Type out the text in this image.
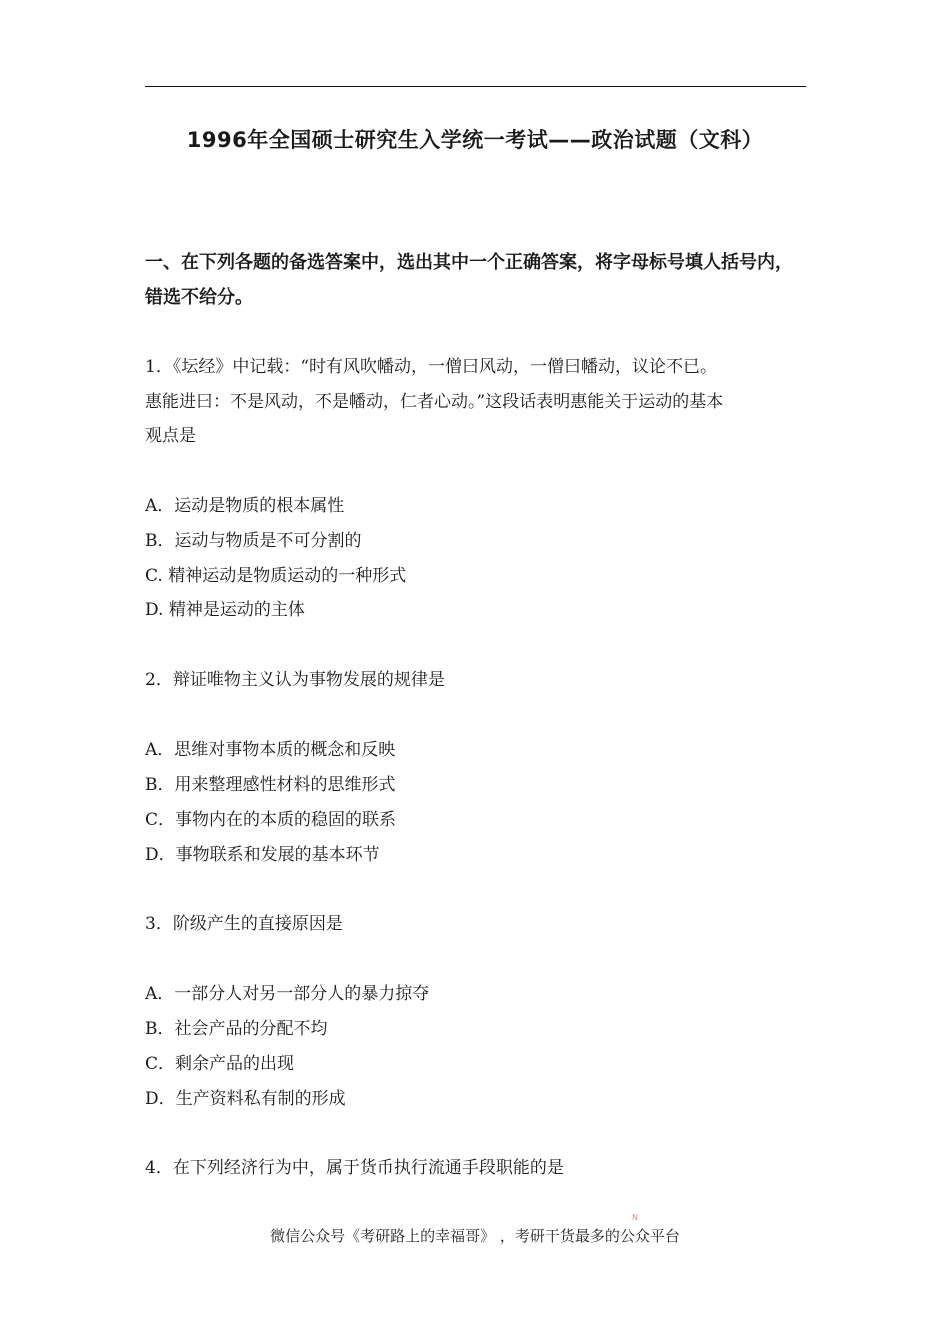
1996年全国硕士研究生入学统一考试——政治试题（文科）
一、在下列各题的备选答案中，选出其中一个正确答案，将字母标号填人括号内，错选不给分。
1．《坛经》中记载：“时有风吹幡动，一僧曰风动，一僧曰幡动，议论不已。
惠能进曰：不是风动，不是幡动，仁者心动。”这段话表明惠能关于运动的基本
观点是
A．运动是物质的根本属性
B．运动与物质是不可分割的
C. 精神运动是物质运动的一种形式
D. 精神是运动的主体
2．辩证唯物主义认为事物发展的规律是
A．思维对事物本质的概念和反映
B．用来整理感性材料的思维形式
C．事物内在的本质的稳固的联系
D．事物联系和发展的基本环节
3．阶级产生的直接原因是
A．一部分人对另一部分人的暴力掠夺
B．社会产品的分配不均
C．剩余产品的出现
D．生产资料私有制的形成
4．在下列经济行为中，属于货币执行流通手段职能的是
N
微信公众号《考研路上的幸福哥》 ，考研干货最多的公众平台
